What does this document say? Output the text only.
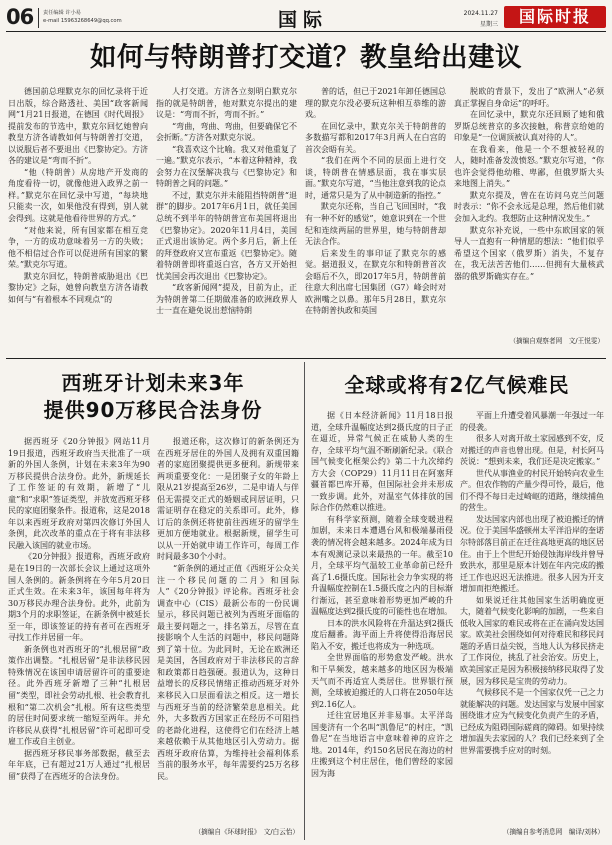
06 责任编辑 许小易
e-mail 15963268649@qq.com	国际	2024.11.27
星期三	国际时报
如何与特朗普打交道？教皇给出建议

德国前总理默克尔的回忆录将于近日出版，综合路透社、美国“政客新闻网”1月21日报道，在德国《时代周报》提前发布的节选中，默克尔回忆她曾向教皇方济各请教如何与特朗普打交道，以说服后者不要退出《巴黎协定》。方济各的建议是“弯而不折”。

“他（特朗普）从房地产开发商的角度看待一切，就像他进入政界之前一样。”默克尔在回忆录中写道，“每块地只能卖一次，如果他没有得到，别人就会得到。这就是他看待世界的方式。”

“对他来说，所有国家都在相互竞争，一方的成功意味着另一方的失败；他不相信过合作可以促进所有国家的繁荣。”默克尔写道。

默克尔回忆，特朗普威胁退出《巴黎协定》之际，她曾向教皇方济各请教如何与“有着根本不同观点”的

人打交道。方济各立刻明白默克尔指的就是特朗普，他对默克尔提出的建议是：“弯而不折，弯而不折。”

“弯曲，弯曲、弯曲，但要确保它不会折断。”方济各对默克尔说。

“我喜欢这个比喻。我又对他重复了一遍。”默克尔表示，“本着这种精神，我会努力在汉堡解决我与《巴黎协定》和特朗普之间的问题。”

不过，默克尔并未能阻挡特朗普“退群”的脚步。2017年6月1日，就任美国总统不到半年的特朗普宣布美国将退出《巴黎协定》。2020年11月4日，美国正式退出该协定。两个多月后，新上任的拜登政府又宣布重返《巴黎协定》。随着特朗普即将重返白宫，各方又开始担忧美国会再次退出《巴黎协定》。

“政客新闻网”提及，目前为止，正为特朗普第二任期做准备的欧洲政界人士一直在避免说出惹恼特朗

普的话，但已于2021年卸任德国总理的默克尔没必要玩这种相互恭维的游戏。

在回忆录中，默克尔关于特朗普的多数描写都和2017年3月两人在白宫的首次会晤有关。

“我们在两个不同的层面上进行交谈，特朗普在情感层面，我在事实层面。”默克尔写道，“当他注意到我的论点时，通常只是为了从中制造新的指控。”

默克尔还称，当自己飞回国时，“我有一种不好的感觉”，她意识到在一个世纪和连续两届的世界里，她与特朗普却无法合作。

后来发生的事印证了默克尔的感觉。据道报义，在默克尔和特朗普首次会晤后不久，即2017年5月，特朗普前往意大利出席七国集团（G7）峰会时对欧洲嘴之以鼻。那年5月28日，默克尔在特朗普执政和英国

脱欧的背景下，发出了“欧洲人”必须真正掌握自身命运”的呼吁。

在回忆录中，默克尔还回顾了她和俄罗斯总统普京的多次接触，称普京给她的印象是“一位调顶被认真对待的人”。

在我看来，他是一个不想被轻视的人，随时准备发泼愤怒。”默克尔写道，“你也许会觉得他幼稚、卑鄙，但俄罗斯大头来地图上消失。”

默克尔提及，曾在在访问乌克兰问题时表示：“你不会永远是总理，然后他们就会加入北约。我想防止这种情况发生。”

默克尔补充说，一些中东欧国家的领导人一直抱有一种情愿的想法：“他们似乎希望这个国家（俄罗斯）消失，不复存在，我无法苦苦他们……但拥有大量核武器的俄罗斯确实存在。”

（摘编自观察者网　文/王悦雯）
西班牙计划未来3年
提供90万移民合法身份

据西班牙《20分钟报》网站11月19日报道，西班牙政府当天批准了一项新的外国人条例，计划在未来3年为90万移民提供合法身份。此外，新规延长了工作签证的有效期，新增了“儿童”和“求职”签证类型，并放宽西班牙移民的家庭团聚条件。报道称，这是2018年以来西班牙政府对第四次修订外国人条例，此次改革的重点在于将有非法移民融入该国的就业市场。

《20分钟报》报道称，西班牙政府是在19日的一次部长会议上通过这项外国人条例的。新条例将在今年5月20日正式生效。在未来3年，该国每年将为30万移民办理合法身份。此外，此前为期3个月的求职签证，在新条例中被延长至一年，即该签证的持有者可在西班牙寻找工作并居留一年。

新条例也对西班牙的“扎根居留”政策作出调整。“扎根居留”是非法移民因特殊情况在该国申请居留许可的重要途径。此外西班牙新增了三种“扎根居留”类型，即社会劳动扎根、社会教育扎根和“第二次机会”扎根。所有这些类型的居住时间要求统一缩短至两年。并允许移民从获得“扎根居留”许可起即可受雇工作或自主创业。

据西班牙移民事务部数据，截至去年年底，已有超过21万人通过“扎根居留”获得了在西班牙的合法身份。

报道还称，这次修订的新条例还为在西班牙居住的外国人及拥有双重国籍者的家庭团聚提供更多便利。新规带来两项重要变化：一是团聚子女的年龄上限从21岁提高至26岁，二是申请人与伴侣无需提交正式的婚姻或同居证明，只需证明存在稳定的关系即可。此外，修订后的条例还将使前往西班牙的留学生更加方便地就业。根据新规，留学生可以从一开始就申请工作许可，每周工作时间最多30个小时。

“新条例的通过正值《西班牙公众关注一个移民问题的二月》和国际人”《20分钟报》评论称。西班牙社会调查中心（CIS）最新公布的一份民调显示，移民问题已被列为西班牙面临的最主要问题之一，排名第五，尽管在直接影响个人生活的问题中，移民问题降到了第十位。为此同时，无论在欧洲还是美国，各国政府对于非法移民的言辞和政策都日趋强硬。报道认为，这种日益增长的反移民情绪正推动西班牙对外来移民入口层面看法之相反。这一增长与西班牙当前的经济繁荣息息相关。此外，大多数西方国家正在经历不可阻挡的老龄化进程，这使得它们在经济上越来越依赖于从其他地区引入劳动力。据西班牙政府估算，为维持社会福利体系当前的服务水平，每年需要约25万名移民。

（摘编自《环球时报》　文/白云怡）
全球或将有2亿气候难民

据《日本经济新闻》11月18日报道，全球升温幅度达到2摄氏度的日子正在逼近，异常气候正在威胁人类的生存，全球平均气温不断刷新纪录。《联合国气候变化框架公约》第二十九次缔约方大会（COP29）11月11日在阿塞拜疆首都巴库开幕，但国际社会并未形成一致步调。此外，对温室气体排放的国际合作仍然难以推进。

有科学家预测，随着全球变暖进程加剧，未来日本遭遇台风和极端暴雨侵袭的情况将会越来越多。2024年成为日本有观测记录以来最热的一年。截至10月，全球平均气温较工业革命前已经升高了1.6摄氏度。国际社会力争实现的将升温幅度控制在1.5摄氏度之内的目标渐行渐远，甚至意味着形势更加严峻的升温幅度达到2摄氏度的可能性也在增加。

日本的洪水风险将在升温达到2摄氏度后翻番。海平面上升将使得沿海居民陷入不安，搬迁也将成为一种选项。

全世界面临的形势愈发严峻。洪水和干旱频发，越来越多的地区因为极端天气而不再适宜人类居住。世界银行预测，全球被迫搬迁的人口将在2050年达到2.16亿人。

迁往宜居地区并非易事。太平洋岛国斐济有一个名叫“凯鲁尼”的村庄，“凯鲁尼”在当地语言中意味着神的应许之地。2014年，约150名居民在海边的村庄搬到这个村庄居住，他们曾经的家园因为海

平面上升遭受着风暴潮一年强过一年的侵袭。

很多人对离开故土家园感到不安，反对搬迁的声音也曾出现。但是，村长阿马茨说：“想到未来，我们还是决定搬家。”

世代从事渔业的村民开始转向农业生产。但农作物的产量少得可怜，最后，他们不得不每日走过崎岖的道路，继续捕鱼的营生。

发达国家内部也出现了被迫搬迁的情况。位于美国华盛顿州太平洋沿岸的奎诺尔特部落目前正在迁往高地更高的地区居住。由于上个世纪开始侵蚀海岸线并曾导致洪水，那里是原本计划在年内完成的搬迁工作也迟迟无法推进。很多人因为开支增加而拒绝搬迁。

如果说迁往其他国家生活明确度更大，随着气候变化影响的加剧，一些来自低收入国家的难民或将在正在涌向发达国家。欧美社会围绕如何对待难民和移民问题的矛盾日益尖锐，当地人认为移民挤走了工作岗位，挑乱了社会治安。历史上，欧美国家正是因为积极接纳移民取得了发展，因为移民是宝贵的劳动力。

气候移民不是一个国家仅凭一己之力就能解决的问题。发达国家与发展中国家围绕谁才应为气候变化负责产生的矛盾，已经成为阻碍国际磋商的障碍。如果持续增加温失去家园的人？我们已经来到了全世界需要携手应对的时刻。

（摘编自参考消息网　编译/刘林）
